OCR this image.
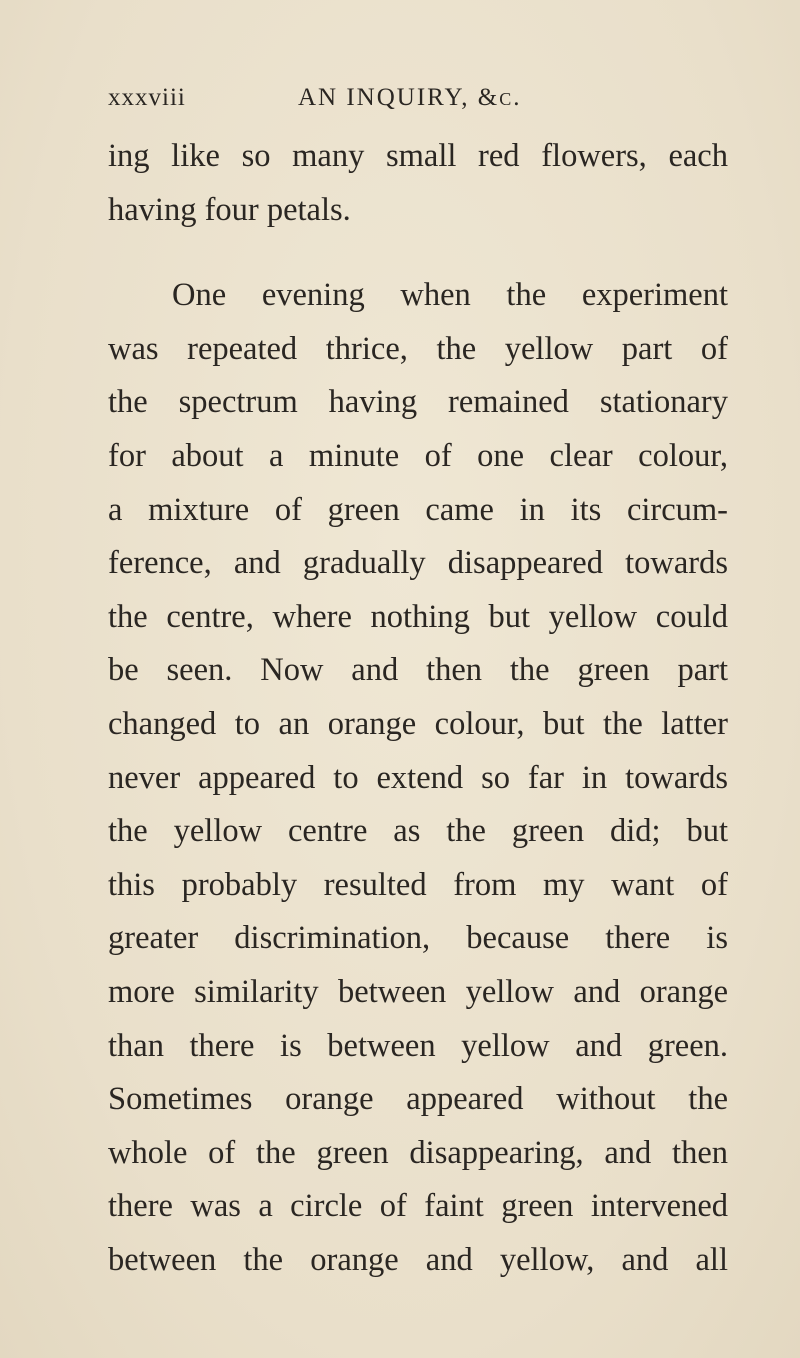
xxxviii	AN INQUIRY, &c.
ing like so many small red flowers, each
having four petals.
One evening when the experiment
was repeated thrice, the yellow part of
the spectrum having remained stationary
for about a minute of one clear colour,
a mixture of green came in its circum-
ference, and gradually disappeared towards
the centre, where nothing but yellow could
be seen. Now and then the green part
changed to an orange colour, but the latter
never appeared to extend so far in towards
the yellow centre as the green did; but
this probably resulted from my want of
greater discrimination, because there is
more similarity between yellow and orange
than there is between yellow and green.
Sometimes orange appeared without the
whole of the green disappearing, and then
there was a circle of faint green intervened
between the orange and yellow, and all
